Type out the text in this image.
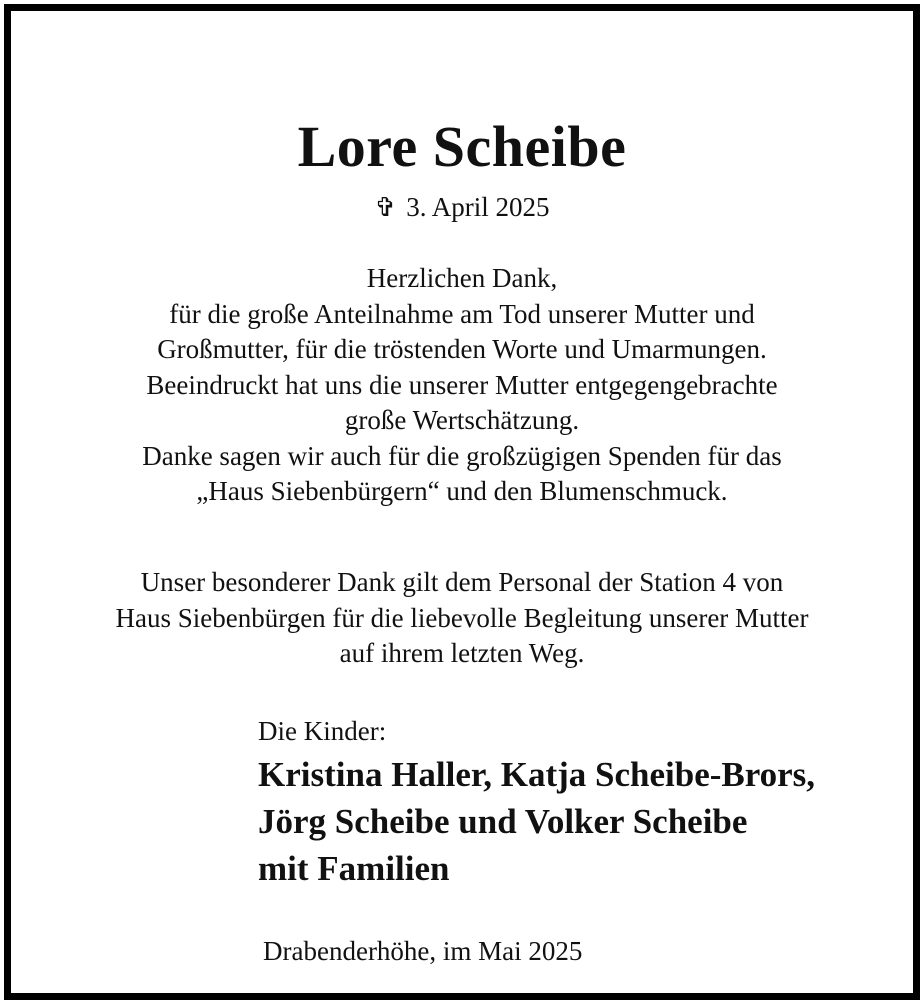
Lore Scheibe
✞ 3. April 2025
Herzlichen Dank,
für die große Anteilnahme am Tod unserer Mutter und
Großmutter, für die tröstenden Worte und Umarmungen.
Beeindruckt hat uns die unserer Mutter entgegengebrachte
große Wertschätzung.
Danke sagen wir auch für die großzügigen Spenden für das
„Haus Siebenbürgern“ und den Blumenschmuck.
Unser besonderer Dank gilt dem Personal der Station 4 von
Haus Siebenbürgen für die liebevolle Begleitung unserer Mutter
auf ihrem letzten Weg.
Die Kinder:
Kristina Haller, Katja Scheibe-Brors,
Jörg Scheibe und Volker Scheibe
mit Familien
Drabenderhöhe, im Mai 2025
